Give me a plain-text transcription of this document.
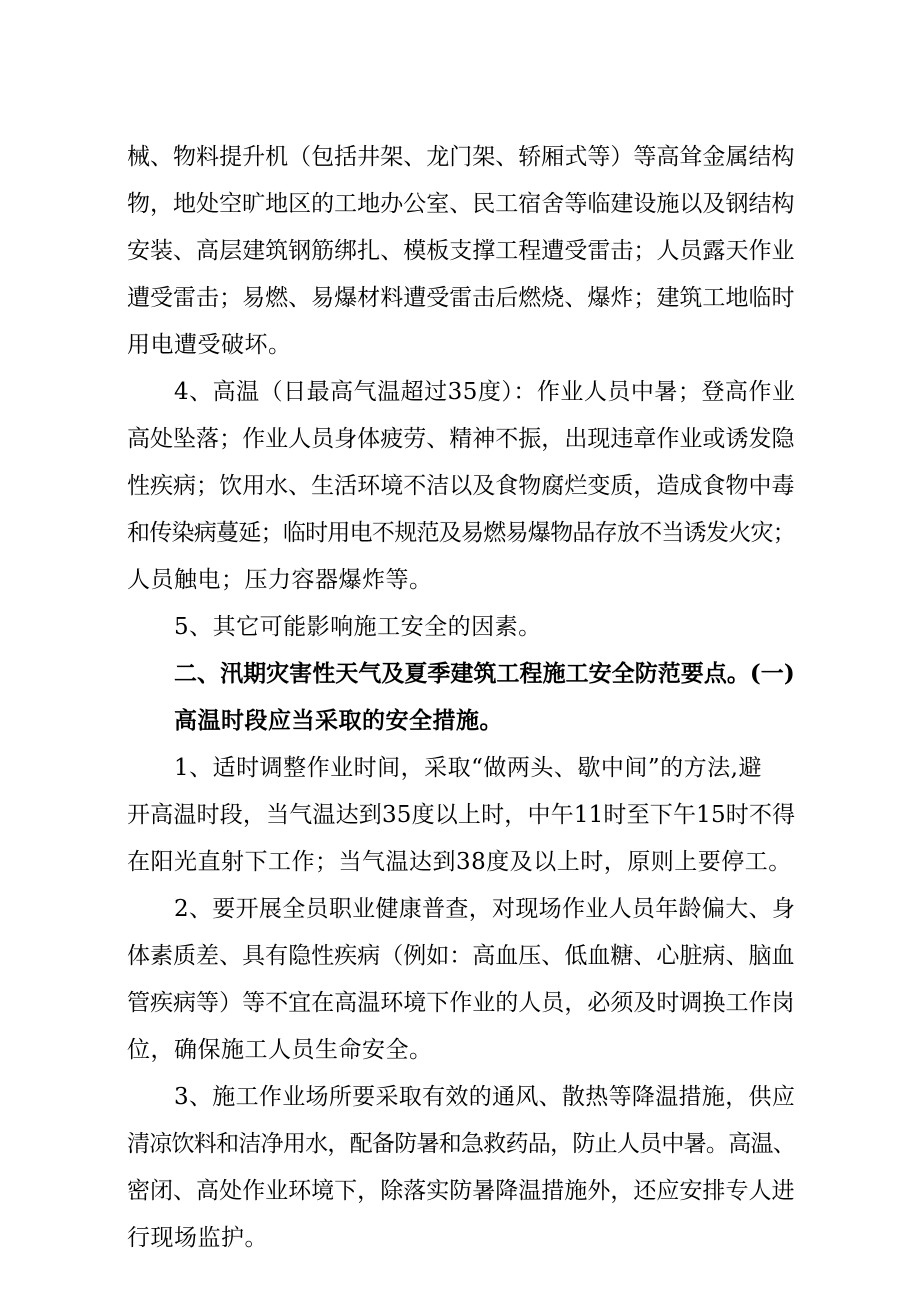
械、物料提升机（包括井架、龙门架、轿厢式等）等高耸金属结构
物，地处空旷地区的工地办公室、民工宿舍等临建设施以及钢结构
安装、高层建筑钢筋绑扎、模板支撑工程遭受雷击；人员露天作业
遭受雷击；易燃、易爆材料遭受雷击后燃烧、爆炸；建筑工地临时
用电遭受破坏。
4、高温（日最高气温超过35度）：作业人员中暑；登高作业
高处坠落；作业人员身体疲劳、精神不振，出现违章作业或诱发隐
性疾病；饮用水、生活环境不洁以及食物腐烂变质，造成食物中毒
和传染病蔓延；临时用电不规范及易燃易爆物品存放不当诱发火灾；
人员触电；压力容器爆炸等。
5、其它可能影响施工安全的因素。
二、汛期灾害性天气及夏季建筑工程施工安全防范要点。(一)
高温时段应当采取的安全措施。
1、适时调整作业时间，采取“做两头、歇中间”的方法,避
开高温时段，当气温达到35度以上时，中午11时至下午15时不得
在阳光直射下工作；当气温达到38度及以上时，原则上要停工。
2、要开展全员职业健康普查，对现场作业人员年龄偏大、身
体素质差、具有隐性疾病（例如：高血压、低血糖、心脏病、脑血
管疾病等）等不宜在高温环境下作业的人员，必须及时调换工作岗
位，确保施工人员生命安全。
3、施工作业场所要采取有效的通风、散热等降温措施，供应
清凉饮料和洁净用水，配备防暑和急救药品，防止人员中暑。高温、
密闭、高处作业环境下，除落实防暑降温措施外，还应安排专人进
行现场监护。
